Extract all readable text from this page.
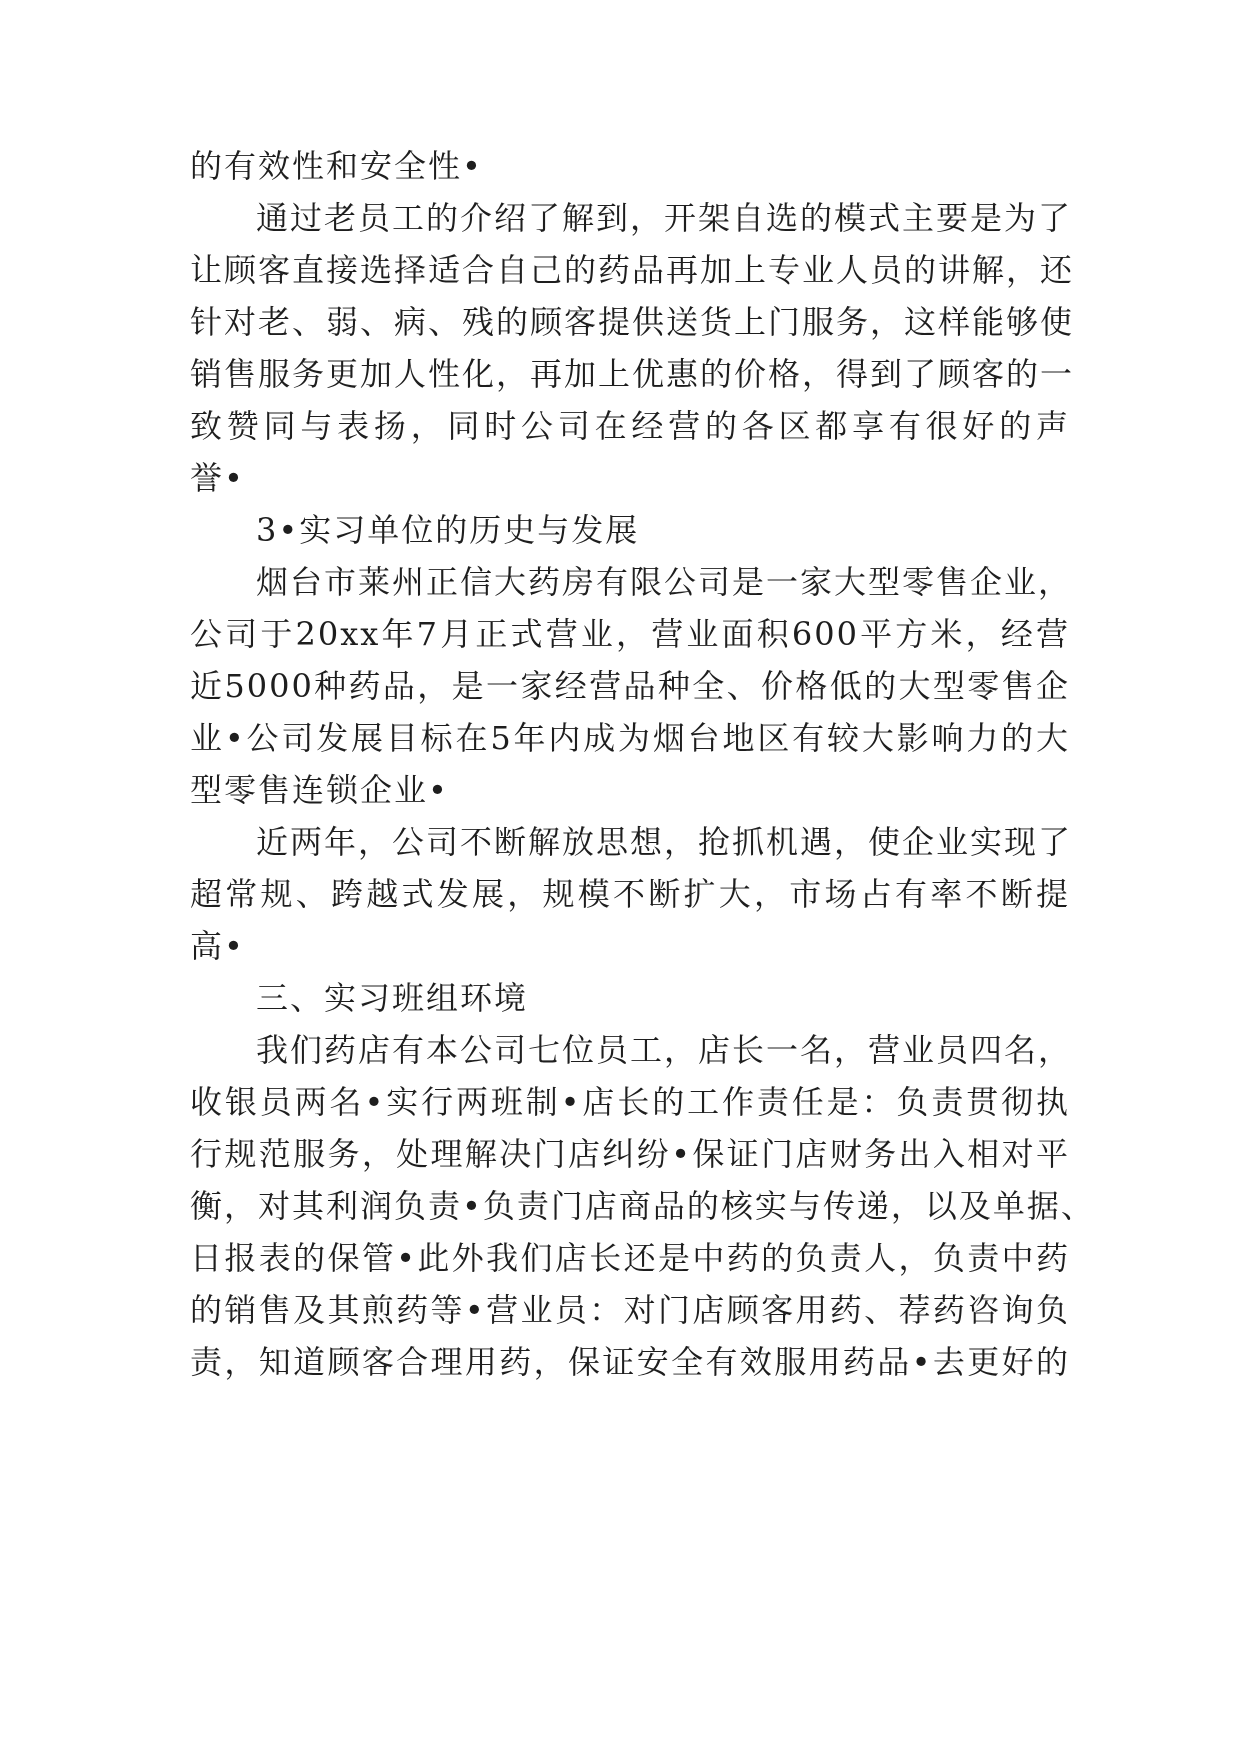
的有效性和安全性•
通过老员工的介绍了解到，开架自选的模式主要是为了
让顾客直接选择适合自己的药品再加上专业人员的讲解，还
针对老、弱、病、残的顾客提供送货上门服务，这样能够使
销售服务更加人性化，再加上优惠的价格，得到了顾客的一
致赞同与表扬，同时公司在经营的各区都享有很好的声
誉•
3•实习单位的历史与发展
烟台市莱州正信大药房有限公司是一家大型零售企业，
公司于20xx年7月正式营业，营业面积600平方米，经营
近5000种药品，是一家经营品种全、价格低的大型零售企
业•公司发展目标在5年内成为烟台地区有较大影响力的大
型零售连锁企业•
近两年，公司不断解放思想，抢抓机遇，使企业实现了
超常规、跨越式发展，规模不断扩大，市场占有率不断提
高•
三、实习班组环境
我们药店有本公司七位员工，店长一名，营业员四名，
收银员两名•实行两班制•店长的工作责任是：负责贯彻执
行规范服务，处理解决门店纠纷•保证门店财务出入相对平
衡，对其利润负责•负责门店商品的核实与传递，以及单据、
日报表的保管•此外我们店长还是中药的负责人，负责中药
的销售及其煎药等•营业员：对门店顾客用药、荐药咨询负
责，知道顾客合理用药，保证安全有效服用药品•去更好的
